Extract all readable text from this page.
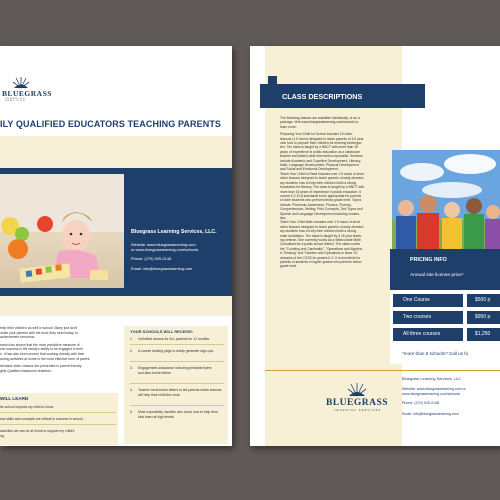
BLUEGRASS
LEARNING SERVICES
ILY QUALIFIED EDUCATORS TEACHING PARENTS
Bluegrass Learning Services, LLC.
Website: www.bluegrasslearning.com
or www.bluegrasslearning.com/schools
Phone: (270) 925-2148
Email: info@bluegrasslearning.com
help their children do well in school. Many just don't
ovide your parents with the tools they need today, to
achievement tomorrow.
earch has shown that the most predictive measure of
mic success is the family's ability to be engaged in their
n. It has also been proven that working directly with their
arning activities at home is the most effective form of parent
demand video classes are presented in parent friendly
ghly Qualified classroom teachers.
WILL LEARN
he school expects my child to know.
ese skills and concepts are critical to success in school.
activities we can do at home to support my child's
ng.
YOUR SCHOOLS WILL RECEIVE:
1. Unlimited access for ALL parents for 12 months.
2. A course landing page to easily generate sign-ups.
3. Engagement assistance including printable flyers and take-home letters
4. Teacher send-home letters to tell parents which lessons will help their child the most.
5. Most importantly, families who know how to help their kids learn at high levels!
CLASS DESCRIPTIONS
The following classes are available individually, or as a
package. Visit www.bluegrasslearning.com/schools to
learn more.
Preparing Your Child for School includes 23 video
lessons (1.5 hours) designed to teach parents of 3-5 year
olds how to prepare their children for entering kindergar-
ten. The class is taught by a NBCT with more than 16
years of experience in public education as a classroom
teacher and district-wide intervention specialist. Sections
include Academic and Cognitive Development, Literacy,
Math, Language Development, Physical Development
and Social and Emotional Development.
Teach Your Child to Read includes over 1.5 hours of short
video lessons designed to teach parents of early element-
ary students how to help their children build a strong
foundation for literacy. The class is taught by a NBCT with
more than 16 years of experience in public education. It
covers K-2 ELA standards but is appropriate for parents
of older students who perform below grade level. Topics
include: Phonemic Awareness, Phonics, Fluency,
Comprehension, Writing, Print Concepts, Text Types and
Speech and Language Development including vocabu-
lary.
Teach Your Child Math includes over 1.5 hours of short
video lessons designed to teach parents of early element-
ary students how to help their children build a strong
math foundation. The class is taught by a 16 year teach-
ing veteran. She currently works as a district-wide Math
Consultant for a public school district. The class covers
the "Counting and Cardinality", "Operations and Algebra-
ic Thinking" and "Number and Operations in Base 10"
domains of the CCSS for grades K-2. It is beneficial for
parents of students in higher grades who perform below
grade level.
PRICING INFO
Annual site license price*
One Course	$500 p
Two courses	$950 p
All three courses	$1,250
*more than 5 schools? Call us fo
BLUEGRASS
LEARNING SERVICES
Bluegrass Learning Services, LLC.
Website: www.bluegrasslearning.com or
www.bluegrasslearning.com/schools
Phone: (270) 925-2148
Email: info@bluegrasslearning.com
